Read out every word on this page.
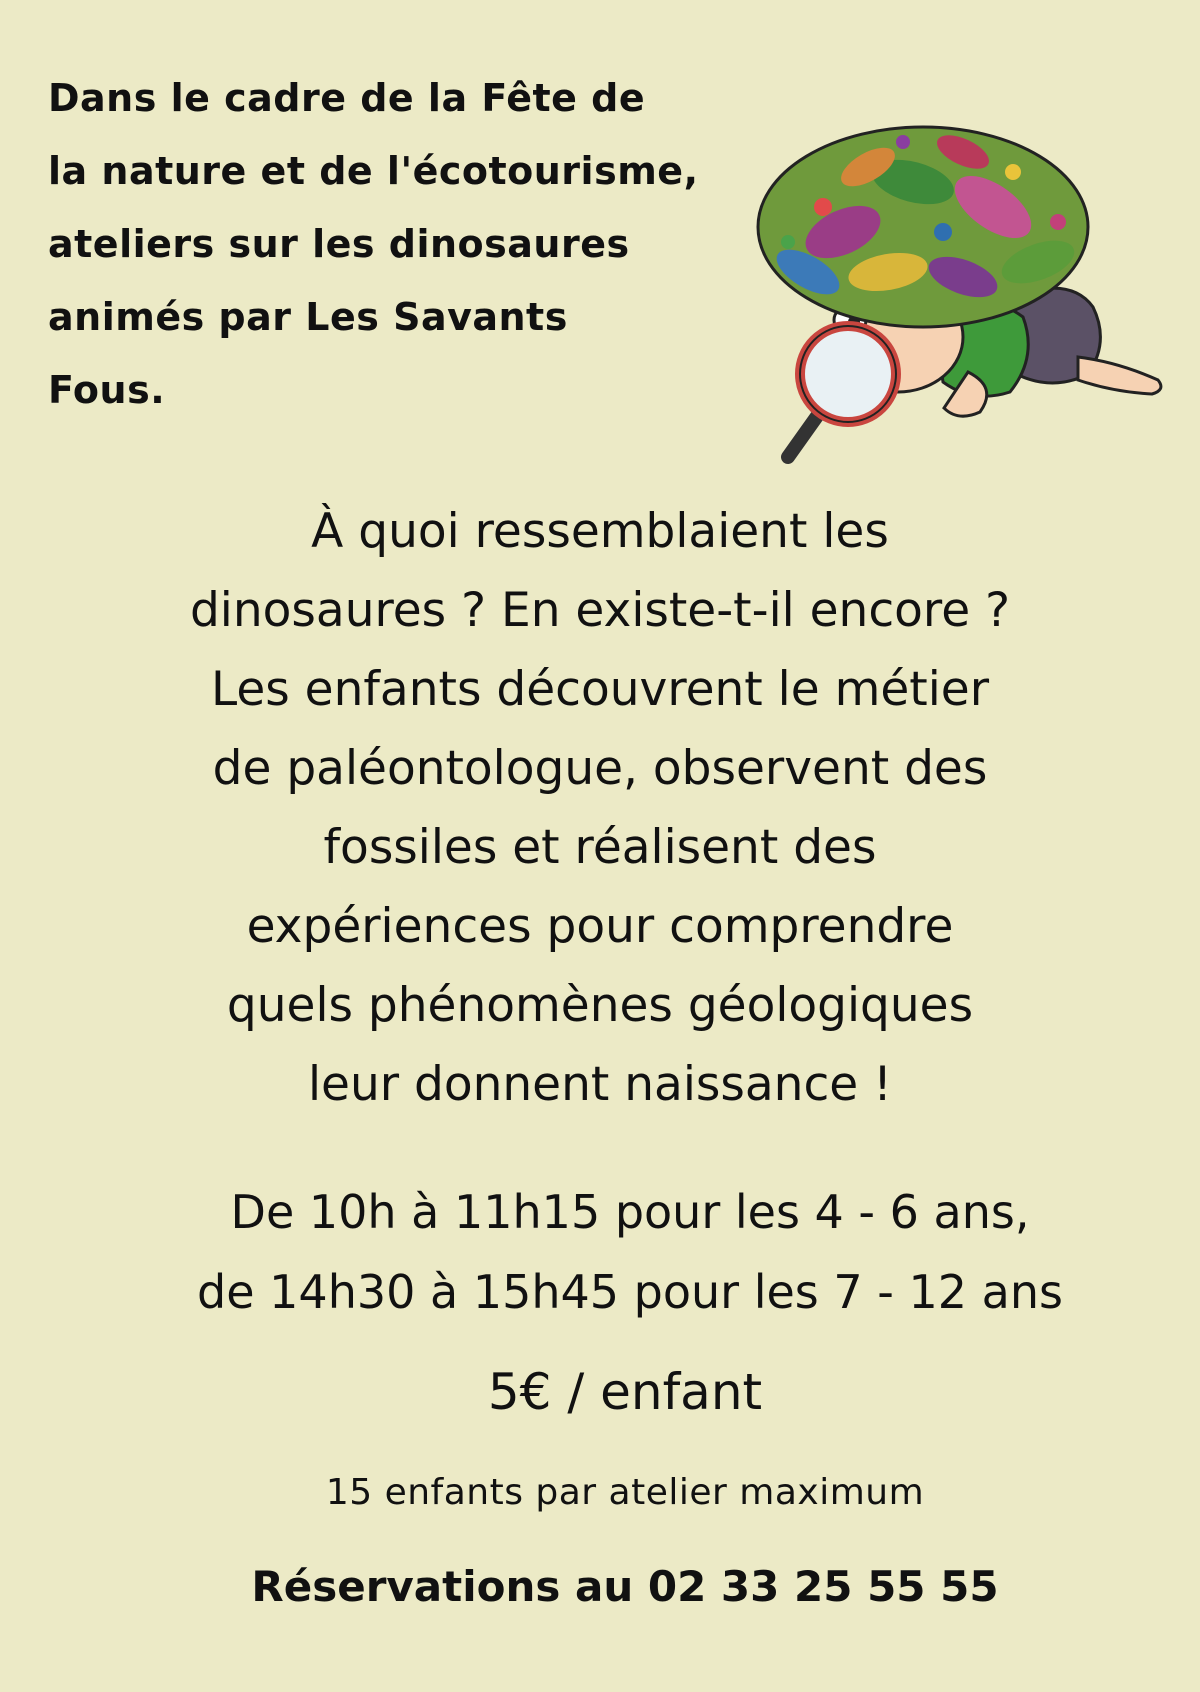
Dans le cadre de la Fête de
la nature et de l'écotourisme,
ateliers sur les dinosaures
animés par Les Savants
Fous.
À quoi ressemblaient les
dinosaures ? En existe-t-il encore ?
Les enfants découvrent le métier
de paléontologue, observent des
fossiles et réalisent des
expériences pour comprendre
quels phénomènes géologiques
leur donnent naissance !
De 10h à 11h15 pour les 4 - 6 ans,
de 14h30 à 15h45 pour les 7 - 12 ans
5€ / enfant
15 enfants par atelier maximum
Réservations au 02 33 25 55 55
